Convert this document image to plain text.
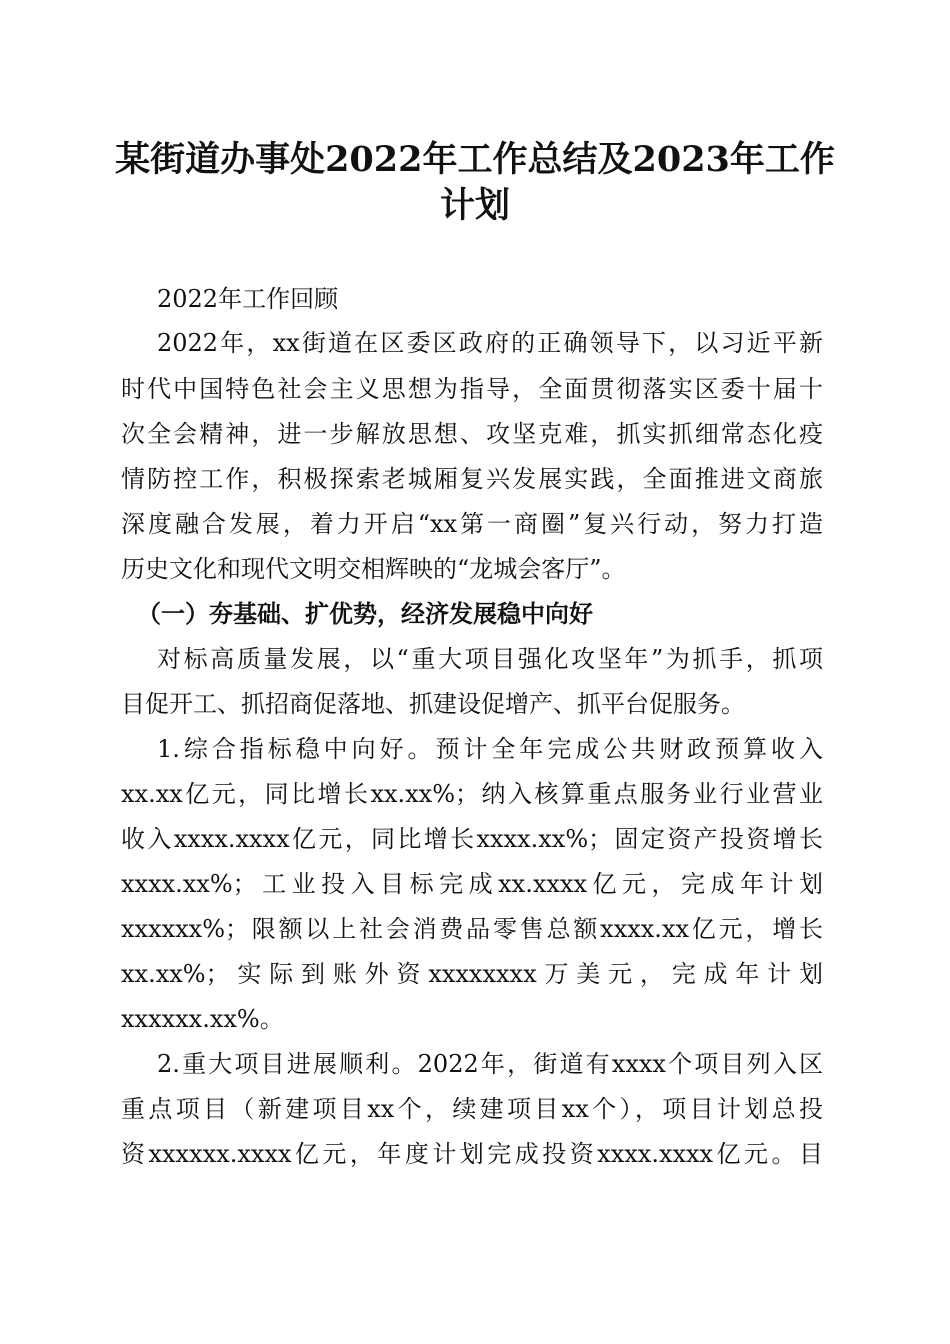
某街道办事处2022年工作总结及2023年工作
计划

2022年工作回顾

2022年，xx街道在区委区政府的正确领导下，以习近平新

时代中国特色社会主义思想为指导，全面贯彻落实区委十届十

次全会精神，进一步解放思想、攻坚克难，抓实抓细常态化疫

情防控工作，积极探索老城厢复兴发展实践，全面推进文商旅

深度融合发展，着力开启“xx第一商圈”复兴行动，努力打造

历史文化和现代文明交相辉映的“龙城会客厅”。

（一）夯基础、扩优势，经济发展稳中向好

对标高质量发展，以“重大项目强化攻坚年”为抓手，抓项

目促开工、抓招商促落地、抓建设促增产、抓平台促服务。

1.综合指标稳中向好。预计全年完成公共财政预算收入

xx.xx亿元，同比增长xx.xx%；纳入核算重点服务业行业营业

收入xxxx.xxxx亿元，同比增长xxxx.xx%；固定资产投资增长

xxxx.xx%；工业投入目标完成xx.xxxx亿元，完成年计划

xxxxxx%；限额以上社会消费品零售总额xxxx.xx亿元，增长

xx.xx%；实际到账外资xxxxxxxx万美元，完成年计划

xxxxxx.xx%。

2.重大项目进展顺利。2022年，街道有xxxx个项目列入区

重点项目（新建项目xx个，续建项目xx个），项目计划总投

资xxxxxx.xxxx亿元，年度计划完成投资xxxx.xxxx亿元。目
